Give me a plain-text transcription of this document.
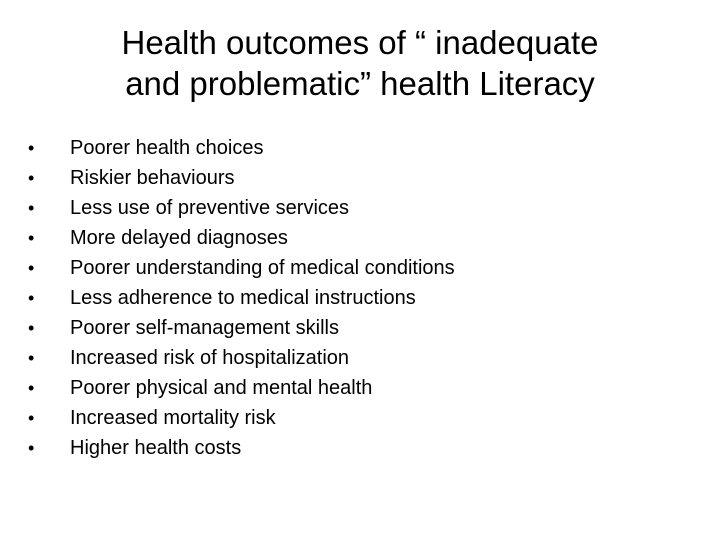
Health outcomes of “ inadequate
and problematic” health Literacy
•	Poorer health choices
•	Riskier behaviours
•	Less use of preventive services
•	More delayed diagnoses
•	Poorer understanding of medical conditions
•	Less adherence to medical instructions
•	Poorer self-management skills
•	Increased risk of hospitalization
•	Poorer physical and mental health
•	Increased mortality risk
•	Higher health costs
